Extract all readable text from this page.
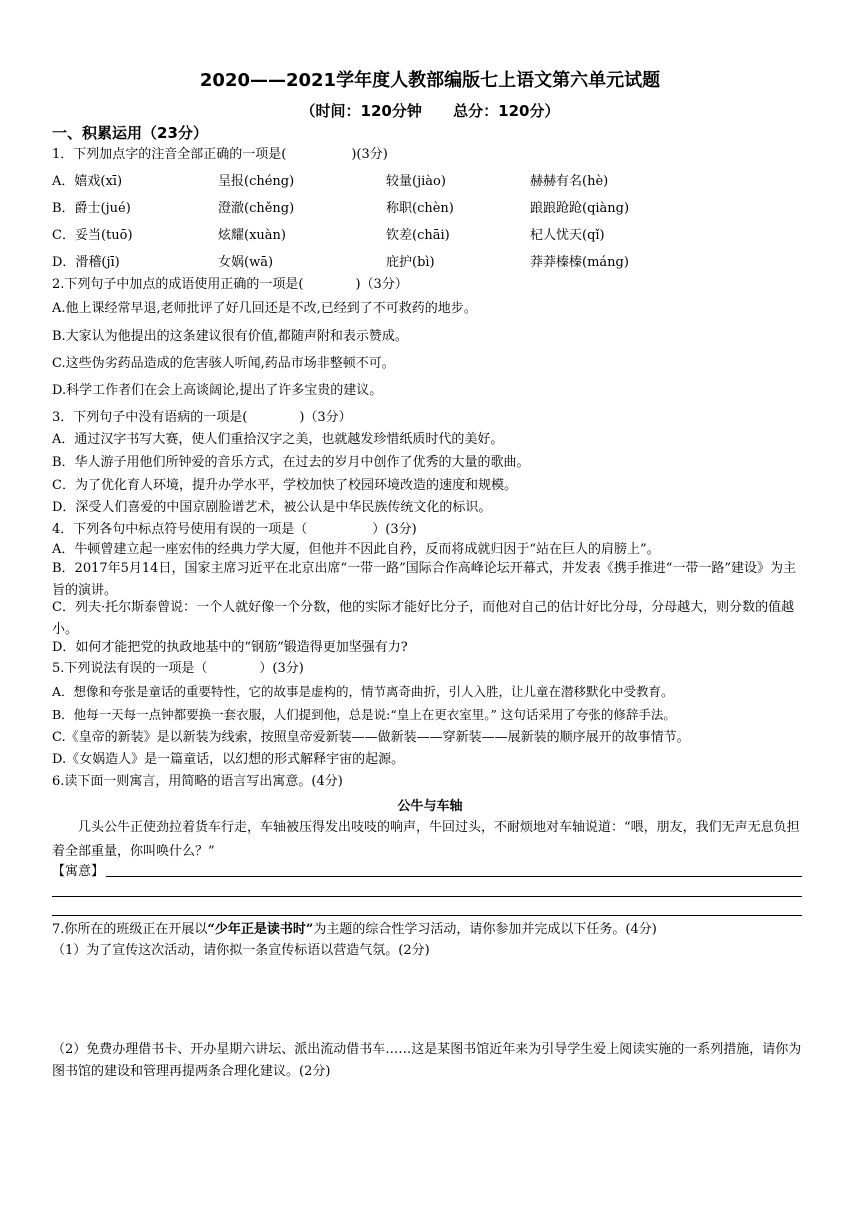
2020——2021学年度人教部编版七上语文第六单元试题
（时间：120分钟      总分：120分）
一、积累运用（23分）
1．下列加点字的注音全部正确的一项是(　　　　　)(3分)
A．嬉戏(xī)	呈报(chéng)	较量(jiào)	赫赫有名(hè)
B．爵士(jué)	澄澈(chěng)	称职(chèn)	踉踉跄跄(qiàng)
C．妥当(tuō)	炫耀(xuàn)	钦差(chāi)	杞人忧天(qǐ)
D．滑稽(jī)	女娲(wā)	庇护(bì)	莽莽榛榛(máng)
2.下列句子中加点的成语使用正确的一项是(　　　　)（3分）
A.他上课经常早退,老师批评了好几回还是不改,已经到了不可救药的地步。
B.大家认为他提出的这条建议很有价值,都随声附和表示赞成。
C.这些伪劣药品造成的危害骇人听闻,药品市场非整顿不可。
D.科学工作者们在会上高谈阔论,提出了许多宝贵的建议。
3．下列句子中没有语病的一项是(　　　　)（3分）
A．通过汉字书写大赛，使人们重拾汉字之美，也就越发珍惜纸质时代的美好。
B．华人游子用他们所钟爱的音乐方式，在过去的岁月中创作了优秀的大量的歌曲。
C．为了优化育人环境，提升办学水平，学校加快了校园环境改造的速度和规模。
D．深受人们喜爱的中国京剧脸谱艺术，被公认是中华民族传统文化的标识。
4．下列各句中标点符号使用有误的一项是（　　　　　）(3分)
A．牛顿曾建立起一座宏伟的经典力学大厦，但他并不因此自矜，反而将成就归因于“站在巨人的肩膀上”。
B．2017年5月14日，国家主席习近平在北京出席“一带一路”国际合作高峰论坛开幕式，并发表《携手推进“一带一路”建设》为主旨的演讲。
C．列夫·托尔斯泰曾说：一个人就好像一个分数，他的实际才能好比分子，而他对自己的估计好比分母，分母越大，则分数的值越小。
D．如何才能把党的执政地基中的“钢筋”锻造得更加坚强有力?
5.下列说法有误的一项是（　　　　）(3分)
A．想像和夸张是童话的重要特性，它的故事是虚构的，情节离奇曲折，引人入胜，让儿童在潜移默化中受教育。
B．他每一天每一点钟都要换一套衣服，人们提到他，总是说:“皇上在更衣室里。” 这句话采用了夸张的修辞手法。
C.《皇帝的新装》是以新装为线索，按照皇帝爱新装——做新装——穿新装——展新装的顺序展开的故事情节。
D.《女娲造人》是一篇童话，以幻想的形式解释宇宙的起源。
6.读下面一则寓言，用简略的语言写出寓意。(4分)
公牛与车轴
几头公牛正使劲拉着货车行走，车轴被压得发出吱吱的响声，牛回过头，不耐烦地对车轴说道：“喂，朋友，我们无声无息负担着全部重量，你叫唤什么？”
【寓意】
7.你所在的班级正在开展以“少年正是读书时”为主题的综合性学习活动，请你参加并完成以下任务。(4分)
（1）为了宣传这次活动，请你拟一条宣传标语以营造气氛。(2分)
（2）免费办理借书卡、开办星期六讲坛、派出流动借书车……这是某图书馆近年来为引导学生爱上阅读实施的一系列措施，请你为图书馆的建设和管理再提两条合理化建议。(2分)
